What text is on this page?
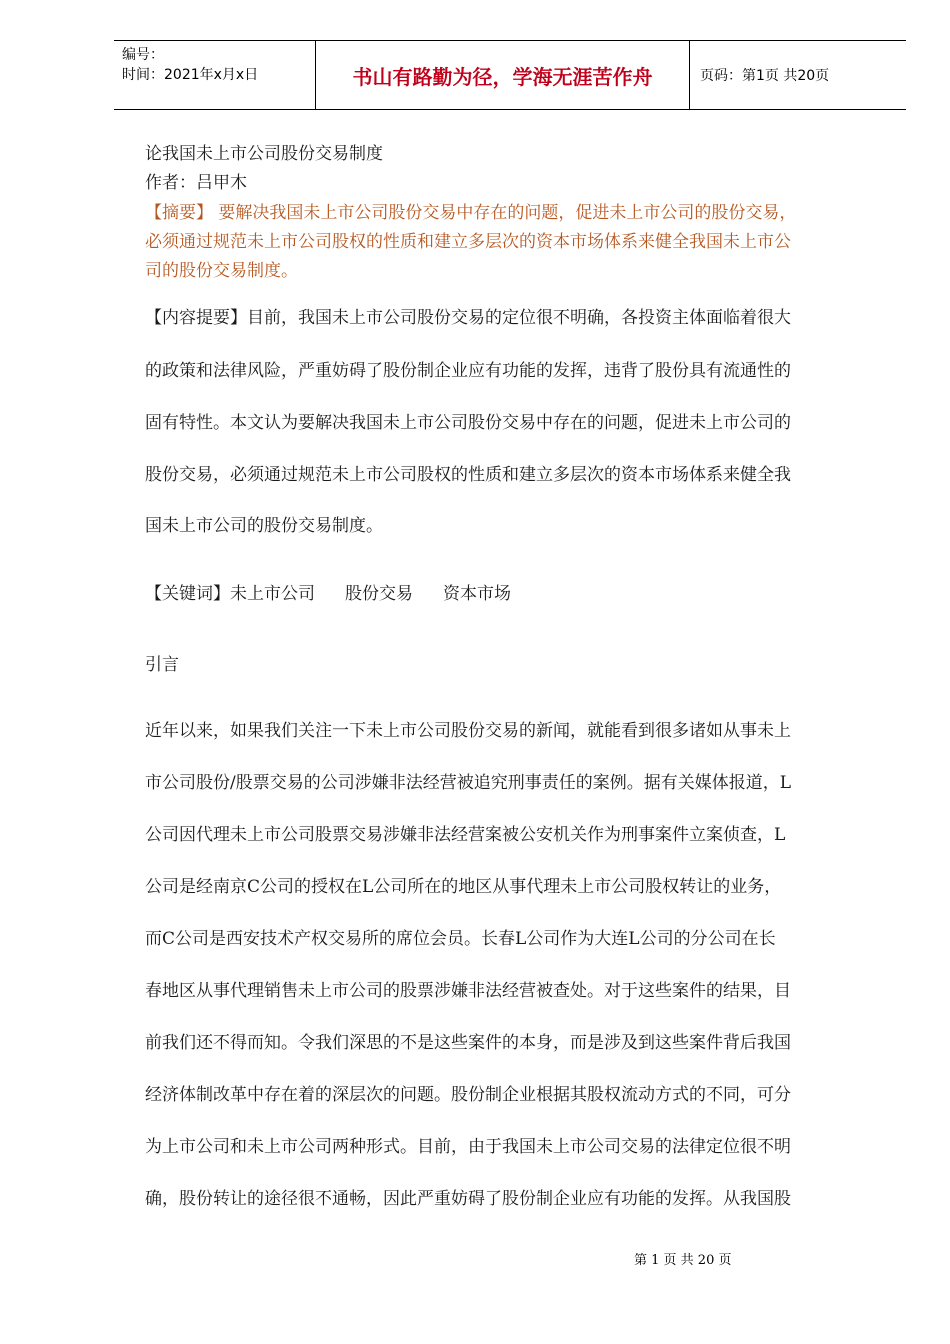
编号：
时间：2021年x月x日	书山有路勤为径，学海无涯苦作舟	页码：第1页 共20页
论我国未上市公司股份交易制度
作者：吕甲木
【摘要】 要解决我国未上市公司股份交易中存在的问题，促进未上市公司的股份交易，
必须通过规范未上市公司股权的性质和建立多层次的资本市场体系来健全我国未上市公
司的股份交易制度。
【内容提要】目前，我国未上市公司股份交易的定位很不明确，各投资主体面临着很大
的政策和法律风险，严重妨碍了股份制企业应有功能的发挥，违背了股份具有流通性的
固有特性。本文认为要解决我国未上市公司股份交易中存在的问题，促进未上市公司的
股份交易，必须通过规范未上市公司股权的性质和建立多层次的资本市场体系来健全我
国未上市公司的股份交易制度。
【关键词】未上市公司 股份交易 资本市场
引言
近年以来，如果我们关注一下未上市公司股份交易的新闻，就能看到很多诸如从事未上
市公司股份/股票交易的公司涉嫌非法经营被追究刑事责任的案例。据有关媒体报道，L
公司因代理未上市公司股票交易涉嫌非法经营案被公安机关作为刑事案件立案侦查，L
公司是经南京C公司的授权在L公司所在的地区从事代理未上市公司股权转让的业务，
而C公司是西安技术产权交易所的席位会员。长春L公司作为大连L公司的分公司在长
春地区从事代理销售未上市公司的股票涉嫌非法经营被查处。对于这些案件的结果，目
前我们还不得而知。令我们深思的不是这些案件的本身，而是涉及到这些案件背后我国
经济体制改革中存在着的深层次的问题。股份制企业根据其股权流动方式的不同，可分
为上市公司和未上市公司两种形式。目前，由于我国未上市公司交易的法律定位很不明
确，股份转让的途径很不通畅，因此严重妨碍了股份制企业应有功能的发挥。从我国股
第 1 页 共 20 页
